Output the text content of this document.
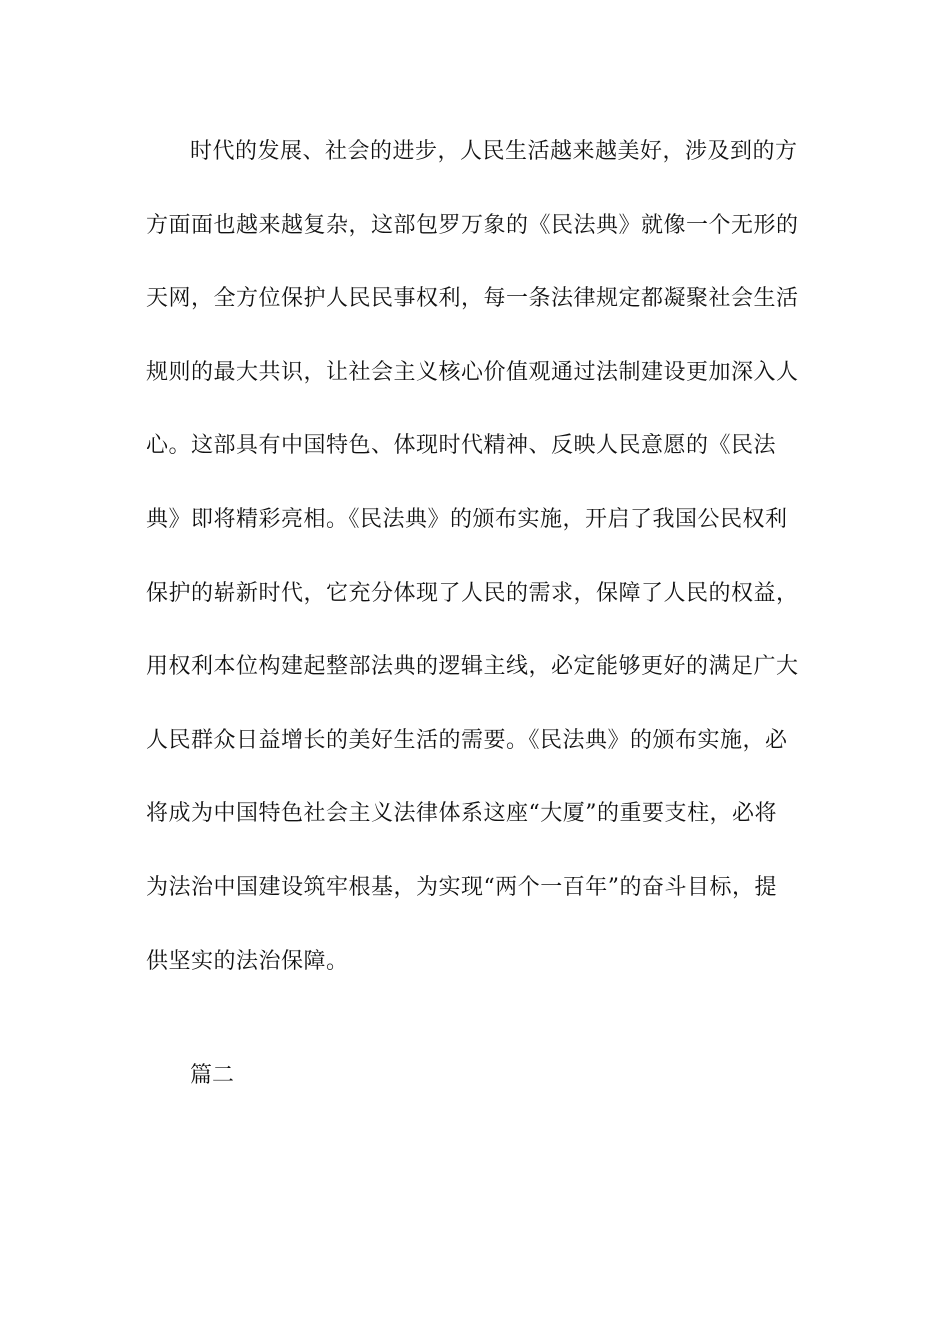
时代的发展、社会的进步，人民生活越来越美好，涉及到的方
方面面也越来越复杂，这部包罗万象的《民法典》就像一个无形的
天网，全方位保护人民民事权利，每一条法律规定都凝聚社会生活
规则的最大共识，让社会主义核心价值观通过法制建设更加深入人
心。这部具有中国特色、体现时代精神、反映人民意愿的《民法
典》即将精彩亮相。《民法典》的颁布实施，开启了我国公民权利
保护的崭新时代，它充分体现了人民的需求，保障了人民的权益，
用权利本位构建起整部法典的逻辑主线，必定能够更好的满足广大
人民群众日益增长的美好生活的需要。《民法典》的颁布实施，必
将成为中国特色社会主义法律体系这座“大厦”的重要支柱，必将
为法治中国建设筑牢根基，为实现“两个一百年”的奋斗目标，提
供坚实的法治保障。
篇二
